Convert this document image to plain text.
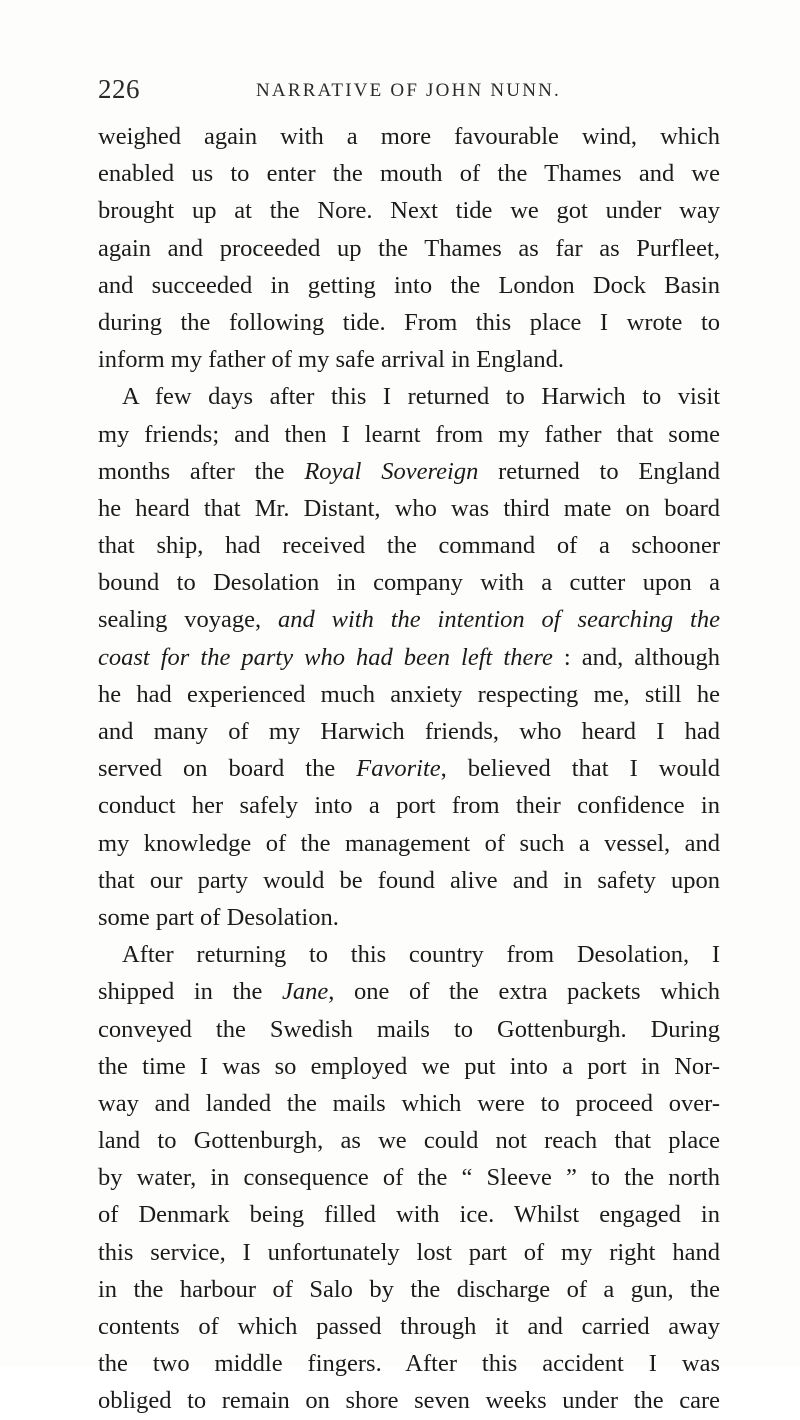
226	NARRATIVE OF JOHN NUNN.
weighed again with a more favourable wind, which
enabled us to enter the mouth of the Thames and we
brought up at the Nore. Next tide we got under way
again and proceeded up the Thames as far as Purfleet,
and succeeded in getting into the London Dock Basin
during the following tide. From this place I wrote to
inform my father of my safe arrival in England.
A few days after this I returned to Harwich to visit
my friends; and then I learnt from my father that some
months after the Royal Sovereign returned to England
he heard that Mr. Distant, who was third mate on board
that ship, had received the command of a schooner
bound to Desolation in company with a cutter upon a
sealing voyage, and with the intention of searching the
coast for the party who had been left there : and, although
he had experienced much anxiety respecting me, still he
and many of my Harwich friends, who heard I had
served on board the Favorite, believed that I would
conduct her safely into a port from their confidence in
my knowledge of the management of such a vessel, and
that our party would be found alive and in safety upon
some part of Desolation.
After returning to this country from Desolation, I
shipped in the Jane, one of the extra packets which
conveyed the Swedish mails to Gottenburgh. During
the time I was so employed we put into a port in Nor-
way and landed the mails which were to proceed over-
land to Gottenburgh, as we could not reach that place
by water, in consequence of the “ Sleeve ” to the north
of Denmark being filled with ice. Whilst engaged in
this service, I unfortunately lost part of my right hand
in the harbour of Salo by the discharge of a gun, the
contents of which passed through it and carried away
the two middle fingers. After this accident I was
obliged to remain on shore seven weeks under the care
